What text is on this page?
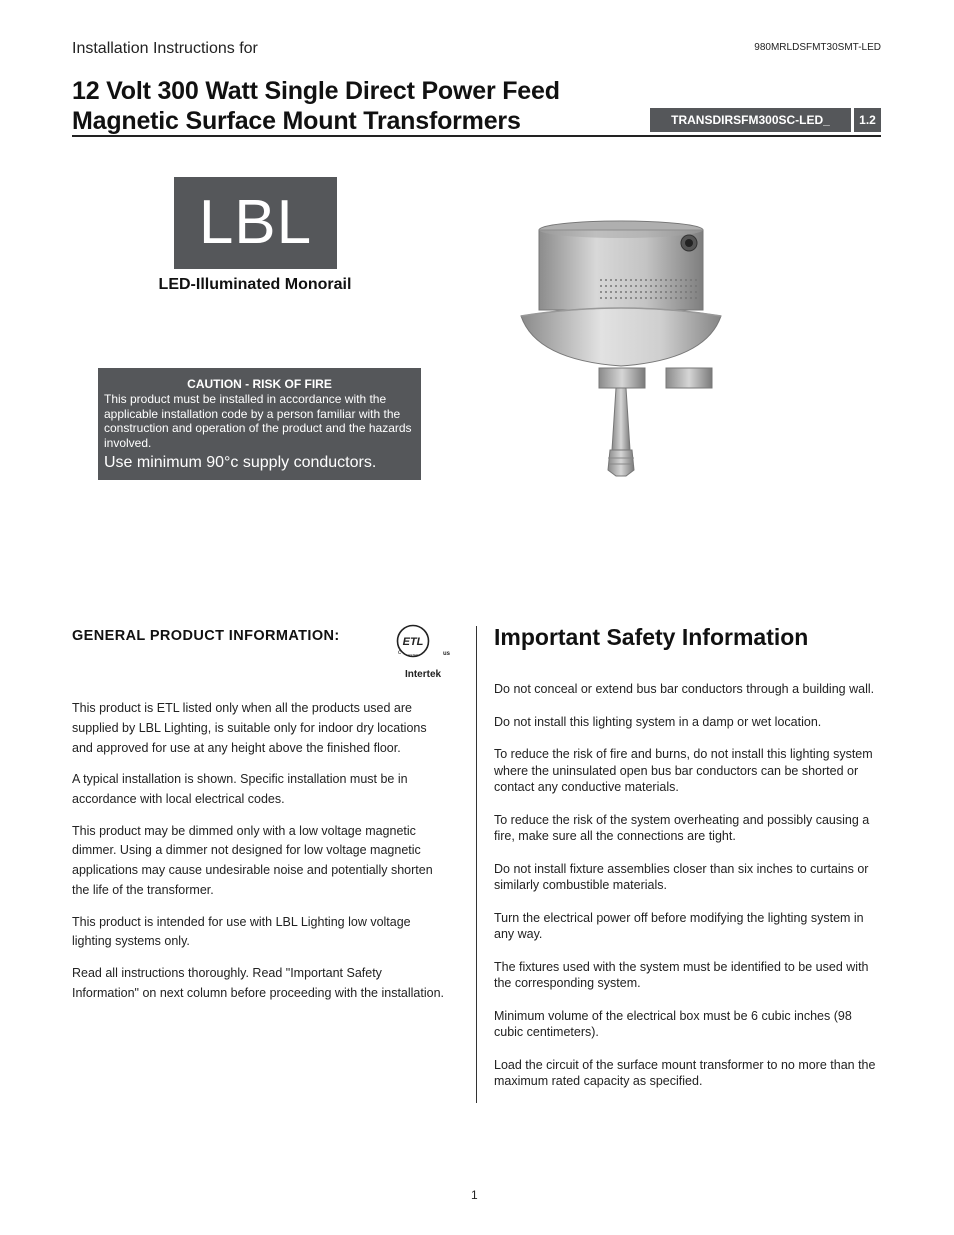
Installation Instructions for	980MRLDSFMT30SMT-LED
12 Volt 300 Watt Single Direct Power Feed
Magnetic Surface Mount Transformers	TRANSDIRSFM300SC-LED_	1.2
LBL
LED-Illuminated Monorail
CAUTION - RISK OF FIRE
This product must be installed in accordance with the applicable installation code by a person familiar with the construction and operation of the product and the hazards involved.
Use minimum 90°c supply conductors.
GENERAL PRODUCT INFORMATION:	ETL
c	us
LISTED
Intertek

This product is ETL listed only when all the products used are supplied by LBL Lighting, is suitable only for indoor dry locations and approved for use at any height above the finished floor.

A typical installation is shown. Specific installation must be in accordance with local electrical codes.

This product may be dimmed only with a low voltage magnetic dimmer. Using a dimmer not designed for low voltage magnetic applications may cause undesirable noise and potentially shorten the life of the transformer.

This product is intended for use with LBL Lighting low voltage lighting systems only.

Read all instructions thoroughly. Read "Important Safety Information" on next column before proceeding with the installation.

Important Safety Information

Do not conceal or extend bus bar conductors through a building wall.

Do not install this lighting system in a damp or wet location.

To reduce the risk of fire and burns, do not install this lighting system where the uninsulated open bus bar conductors can be shorted or contact any conductive materials.

To reduce the risk of the system overheating and possibly causing a fire, make sure all the connections are tight.

Do not install fixture assemblies closer than six inches to curtains or similarly combustible materials.

Turn the electrical power off before modifying the lighting system in any way.

The fixtures used with the system must be identified to be used with the corresponding system.

Minimum volume of the electrical box must be 6 cubic inches (98 cubic centimeters).

Load the circuit of the surface mount transformer to no more than the maximum rated capacity as specified.

1
